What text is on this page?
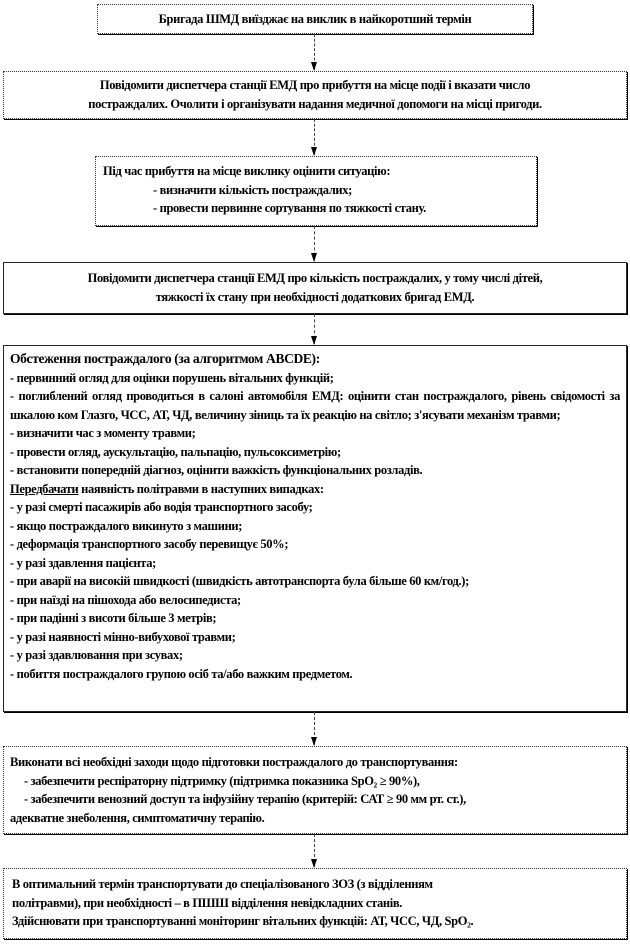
Бригада ШМД виїзджає на виклик в найкоротший термін
Повідомити диспетчера станції ЕМД про прибуття на місце події і вказати число
постраждалих. Очолити і організувати надання медичної допомоги на місці пригоди.
Під час прибуття на місце виклику оцінити ситуацію:
- визначити кількість постраждалих;
- провести первинне сортування по тяжкості стану.
Повідомити диспетчера станції ЕМД про кількість постраждалих, у тому числі дітей,
тяжкості їх стану при необхідності додаткових бригад ЕМД.
Обстеження постраждалого (за алгоритмом ABCDE):
- первинний огляд для оцінки порушень вітальних функцій;
- поглиблений огляд проводиться в салоні автомобіля ЕМД: оцінити стан постраждалого, рівень свідомості за шкалою ком Глазго, ЧСС, АТ, ЧД, величину зіниць та їх реакцію на світло; з'ясувати механізм травми;
- визначити час з моменту травми;
- провести огляд, аускультацію, пальпацію, пульсоксиметрію;
- встановити попередній діагноз, оцінити важкість функціональних розладів.
Передбачати наявність політравми в наступних випадках:
- у разі смерті пасажирів або водія транспортного засобу;
- якщо постраждалого викинуто з машини;
- деформація транспортного засобу перевищує 50%;
- у разі здавлення пацієнта;
- при аварії на високій швидкості (швидкість автотранспорта була більше 60 км/год.);
- при наїзді на пішохода або велосипедиста;
- при падінні з висоти більше 3 метрів;
- у разі наявності мінно-вибухової травми;
- у разі здавлювання при зсувах;
- побиття постраждалого групою осіб та/або важким предметом.
Виконати всі необхідні заходи щодо підготовки постраждалого до транспортування:
- забезпечити респіраторну підтримку (підтримка показника SpO₂ ≥ 90%),
- забезпечити венозний доступ та інфузійну терапію (критерій: САТ ≥ 90 мм рт. ст.),
адекватне знеболення, симптоматичну терапію.
В оптимальний термін транспортувати до спеціалізованого ЗОЗ (з відділенням
політравми), при необхідності – в ПШШ відділення невідкладних станів.
Здійснювати при транспортуванні моніторинг вітальних функцій: АТ, ЧСС, ЧД, SpO₂.
